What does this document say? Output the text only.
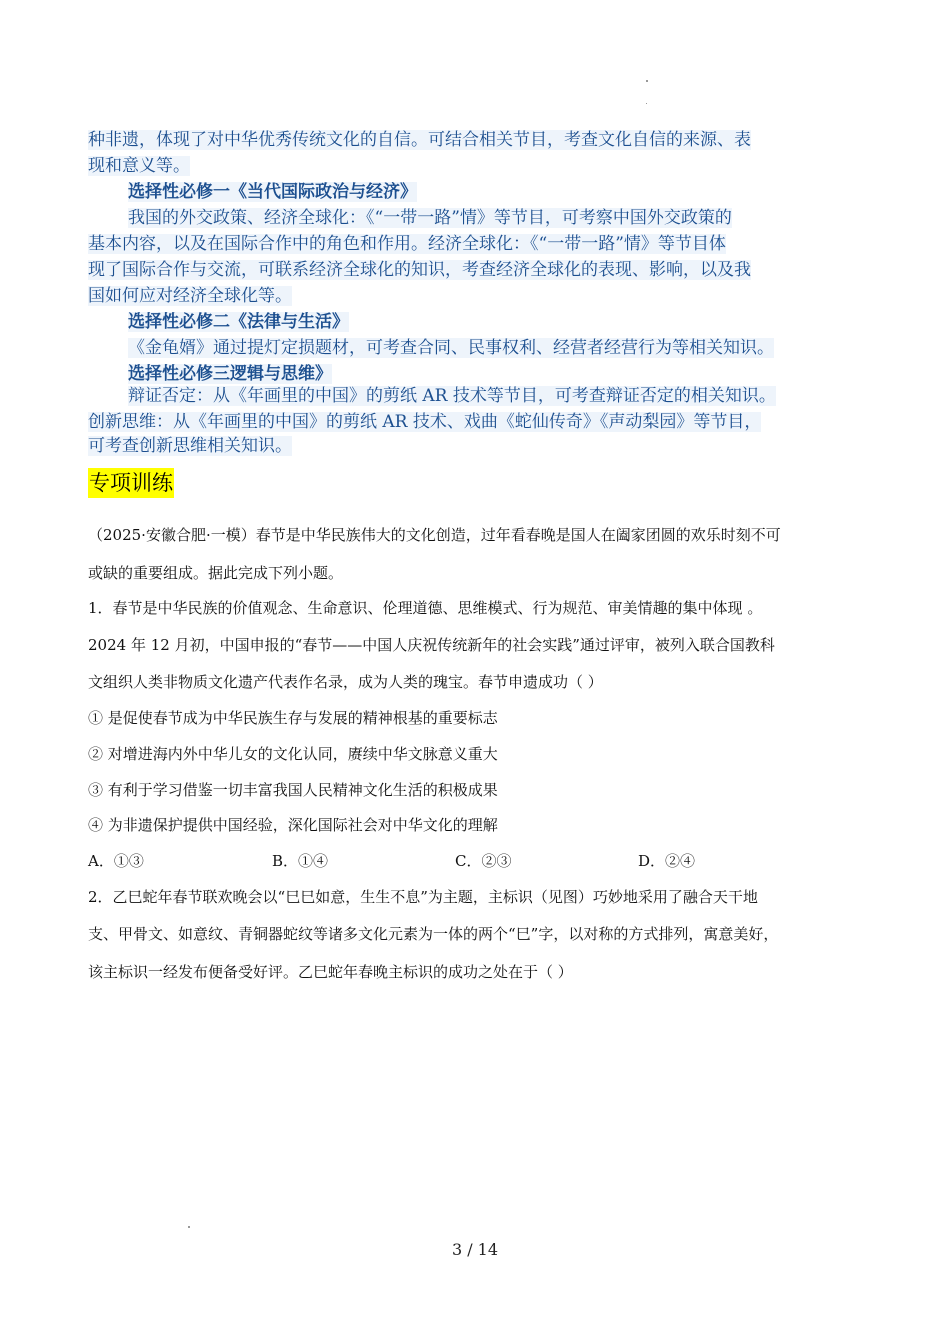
种非遗，体现了对中华优秀传统文化的自信。可结合相关节目，考查文化自信的来源、表
现和意义等。
选择性必修一《当代国际政治与经济》
我国的外交政策、经济全球化：《“一带一路”情》等节目，可考察中国外交政策的
基本内容，以及在国际合作中的角色和作用。经济全球化：《“一带一路”情》等节目体
现了国际合作与交流，可联系经济全球化的知识，考查经济全球化的表现、影响，以及我
国如何应对经济全球化等。
选择性必修二《法律与生活》
《金龟婿》通过提灯定损题材，可考查合同、民事权利、经营者经营行为等相关知识。
选择性必修三逻辑与思维》
辩证否定：从《年画里的中国》的剪纸 AR 技术等节目，可考查辩证否定的相关知识。
创新思维：从《年画里的中国》的剪纸 AR 技术、戏曲《蛇仙传奇》《声动梨园》等节目，
可考查创新思维相关知识。
专项训练
（2025·安徽合肥·一模）春节是中华民族伟大的文化创造，过年看春晚是国人在阖家团圆的欢乐时刻不可
或缺的重要组成。据此完成下列小题。
1．春节是中华民族的价值观念、生命意识、伦理道德、思维模式、行为规范、审美情趣的集中体现 。
2024 年 12 月初，中国申报的“春节——中国人庆祝传统新年的社会实践”通过评审，被列入联合国教科
文组织人类非物质文化遗产代表作名录，成为人类的瑰宝。春节申遗成功（ ）
① 是促使春节成为中华民族生存与发展的精神根基的重要标志
② 对增进海内外中华儿女的文化认同，赓续中华文脉意义重大
③ 有利于学习借鉴一切丰富我国人民精神文化生活的积极成果
④ 为非遗保护提供中国经验，深化国际社会对中华文化的理解
A．①③	B．①④	C．②③	D．②④
2．乙巳蛇年春节联欢晚会以“巳巳如意，生生不息”为主题，主标识（见图）巧妙地采用了融合天干地
支、甲骨文、如意纹、青铜器蛇纹等诸多文化元素为一体的两个“巳”字，以对称的方式排列，寓意美好，
该主标识一经发布便备受好评。乙巳蛇年春晚主标识的成功之处在于（ ）
3 / 14
